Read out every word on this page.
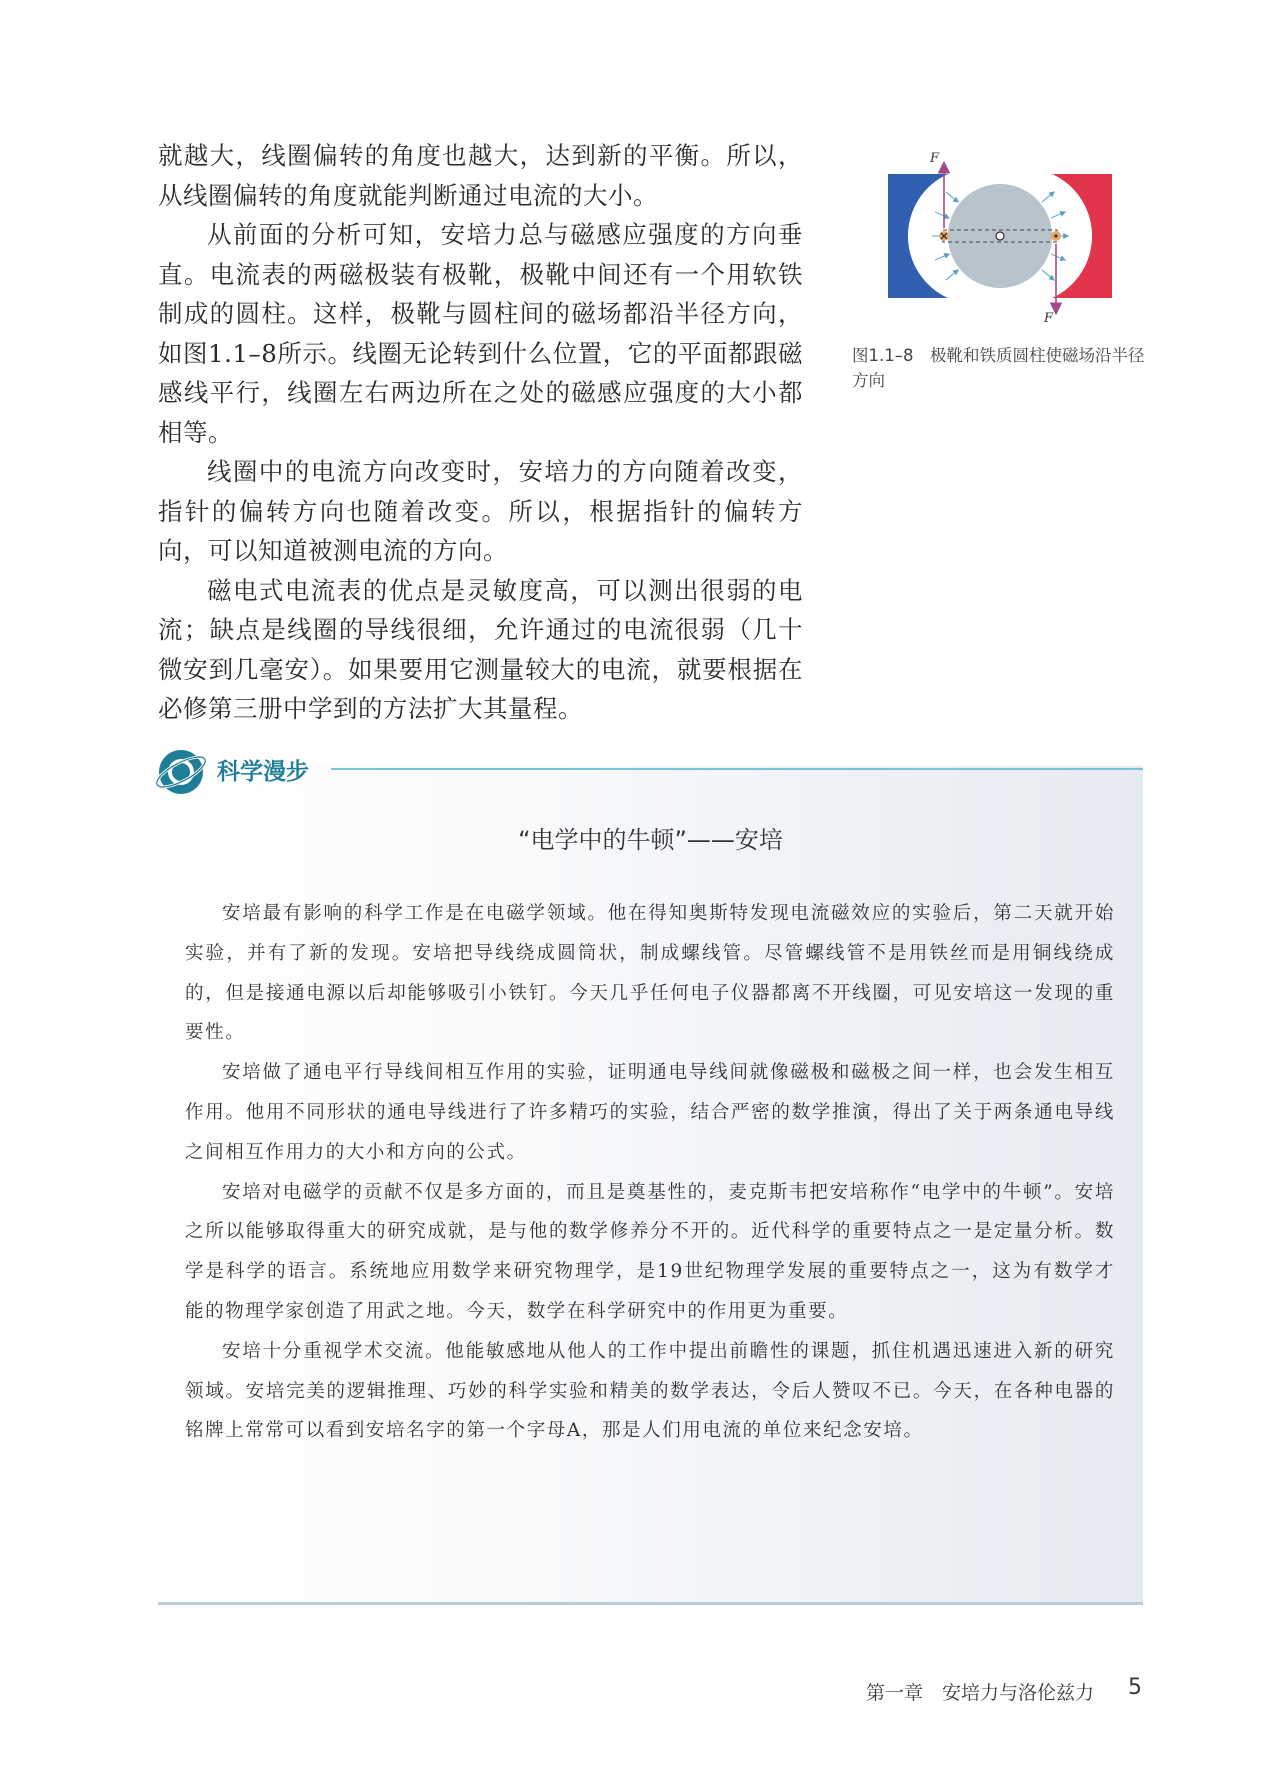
就越大，线圈偏转的角度也越大，达到新的平衡。所以，从线圈偏转的角度就能判断通过电流的大小。

从前面的分析可知，安培力总与磁感应强度的方向垂直。电流表的两磁极装有极靴，极靴中间还有一个用软铁制成的圆柱。这样，极靴与圆柱间的磁场都沿半径方向，如图1.1–8所示。线圈无论转到什么位置，它的平面都跟磁感线平行，线圈左右两边所在之处的磁感应强度的大小都相等。

线圈中的电流方向改变时，安培力的方向随着改变，指针的偏转方向也随着改变。所以，根据指针的偏转方向，可以知道被测电流的方向。

磁电式电流表的优点是灵敏度高，可以测出很弱的电流；缺点是线圈的导线很细，允许通过的电流很弱（几十微安到几毫安）。如果要用它测量较大的电流，就要根据在必修第三册中学到的方法扩大其量程。

F
F
图1.1–8　极靴和铁质圆柱使磁场沿半径方向
“电学中的牛顿”——安培

安培最有影响的科学工作是在电磁学领域。他在得知奥斯特发现电流磁效应的实验后，第二天就开始实验，并有了新的发现。安培把导线绕成圆筒状，制成螺线管。尽管螺线管不是用铁丝而是用铜线绕成的，但是接通电源以后却能够吸引小铁钉。今天几乎任何电子仪器都离不开线圈，可见安培这一发现的重要性。

安培做了通电平行导线间相互作用的实验，证明通电导线间就像磁极和磁极之间一样，也会发生相互作用。他用不同形状的通电导线进行了许多精巧的实验，结合严密的数学推演，得出了关于两条通电导线之间相互作用力的大小和方向的公式。

安培对电磁学的贡献不仅是多方面的，而且是奠基性的，麦克斯韦把安培称作“电学中的牛顿”。安培之所以能够取得重大的研究成就，是与他的数学修养分不开的。近代科学的重要特点之一是定量分析。数学是科学的语言。系统地应用数学来研究物理学，是19世纪物理学发展的重要特点之一，这为有数学才能的物理学家创造了用武之地。今天，数学在科学研究中的作用更为重要。

安培十分重视学术交流。他能敏感地从他人的工作中提出前瞻性的课题，抓住机遇迅速进入新的研究领域。安培完美的逻辑推理、巧妙的科学实验和精美的数学表达，令后人赞叹不已。今天，在各种电器的铭牌上常常可以看到安培名字的第一个字母A，那是人们用电流的单位来纪念安培。

科学漫步
第一章　安培力与洛伦兹力 5
